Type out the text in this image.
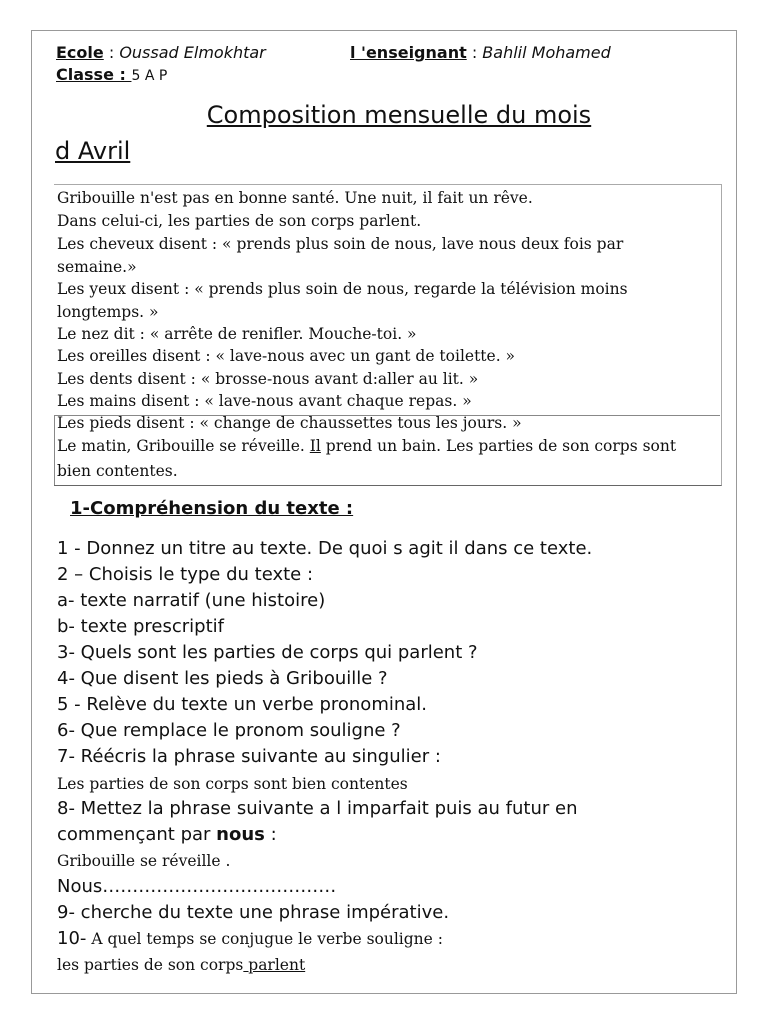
Ecole : Oussad Elmokhtar	l 'enseignant : Bahlil Mohamed
Classe : 5 A P
Composition mensuelle du mois
d Avril
Gribouille n'est pas en bonne santé. Une nuit, il fait un rêve.
Dans celui-ci, les parties de son corps parlent.
Les cheveux disent : « prends plus soin de nous, lave nous deux fois par
semaine.»
Les yeux disent : « prends plus soin de nous, regarde la télévision moins
longtemps. »
Le nez dit : « arrête de renifler. Mouche-toi. »
Les oreilles disent : « lave-nous avec un gant de toilette. »
Les dents disent : « brosse-nous avant d:aller au lit. »
Les mains disent : « lave-nous avant chaque repas. »
Les pieds disent : « change de chaussettes tous les jours. »
Le matin, Gribouille se réveille. Il prend un bain. Les parties de son corps sont
bien contentes.
1-Compréhension du texte :
1 - Donnez un titre au texte. De quoi s agit il dans ce texte.
2 – Choisis le type du texte :
a- texte narratif (une histoire)
b- texte prescriptif
3- Quels sont les parties de corps qui parlent ?
4- Que disent les pieds à Gribouille ?
5 - Relève du texte un verbe pronominal.
6- Que remplace le pronom souligne ?
7- Réécris la phrase suivante au singulier :
Les parties de son corps sont bien contentes
8- Mettez la phrase suivante a l imparfait puis au futur en
commençant par nous :
Gribouille se réveille .
Nous…………………………………
9- cherche du texte une phrase impérative.
10- A quel temps se conjugue le verbe souligne :
les parties de son corps parlent
